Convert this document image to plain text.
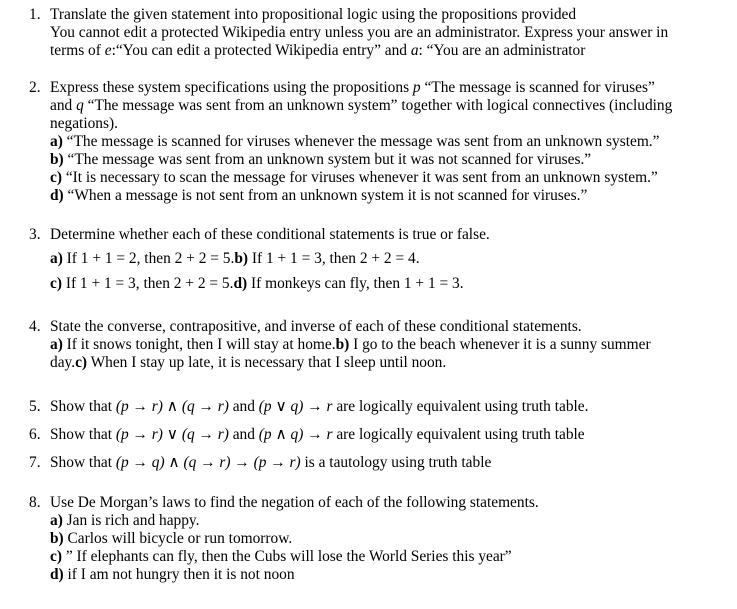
1. Translate the given statement into propositional logic using the propositions provided
You cannot edit a protected Wikipedia entry unless you are an administrator. Express your answer in
terms of e:“You can edit a protected Wikipedia entry” and a: “You are an administrator
2. Express these system specifications using the propositions p “The message is scanned for viruses”
and q “The message was sent from an unknown system” together with logical connectives (including
negations).
a) “The message is scanned for viruses whenever the message was sent from an unknown system.”
b) “The message was sent from an unknown system but it was not scanned for viruses.”
c) “It is necessary to scan the message for viruses whenever it was sent from an unknown system.”
d) “When a message is not sent from an unknown system it is not scanned for viruses.”
3. Determine whether each of these conditional statements is true or false.
a) If 1 + 1 = 2, then 2 + 2 = 5.b) If 1 + 1 = 3, then 2 + 2 = 4.
c) If 1 + 1 = 3, then 2 + 2 = 5.d) If monkeys can fly, then 1 + 1 = 3.
4. State the converse, contrapositive, and inverse of each of these conditional statements.
a) If it snows tonight, then I will stay at home.b) I go to the beach whenever it is a sunny summer
day.c) When I stay up late, it is necessary that I sleep until noon.
5. Show that (p → r) ∧ (q → r) and (p ∨ q) → r are logically equivalent using truth table.
6. Show that (p → r) ∨ (q → r) and (p ∧ q) → r are logically equivalent using truth table
7. Show that (p → q) ∧ (q → r) → (p → r) is a tautology using truth table
8. Use De Morgan’s laws to find the negation of each of the following statements.
a) Jan is rich and happy.
b) Carlos will bicycle or run tomorrow.
c) ” If elephants can fly, then the Cubs will lose the World Series this year”
d) if I am not hungry then it is not noon
